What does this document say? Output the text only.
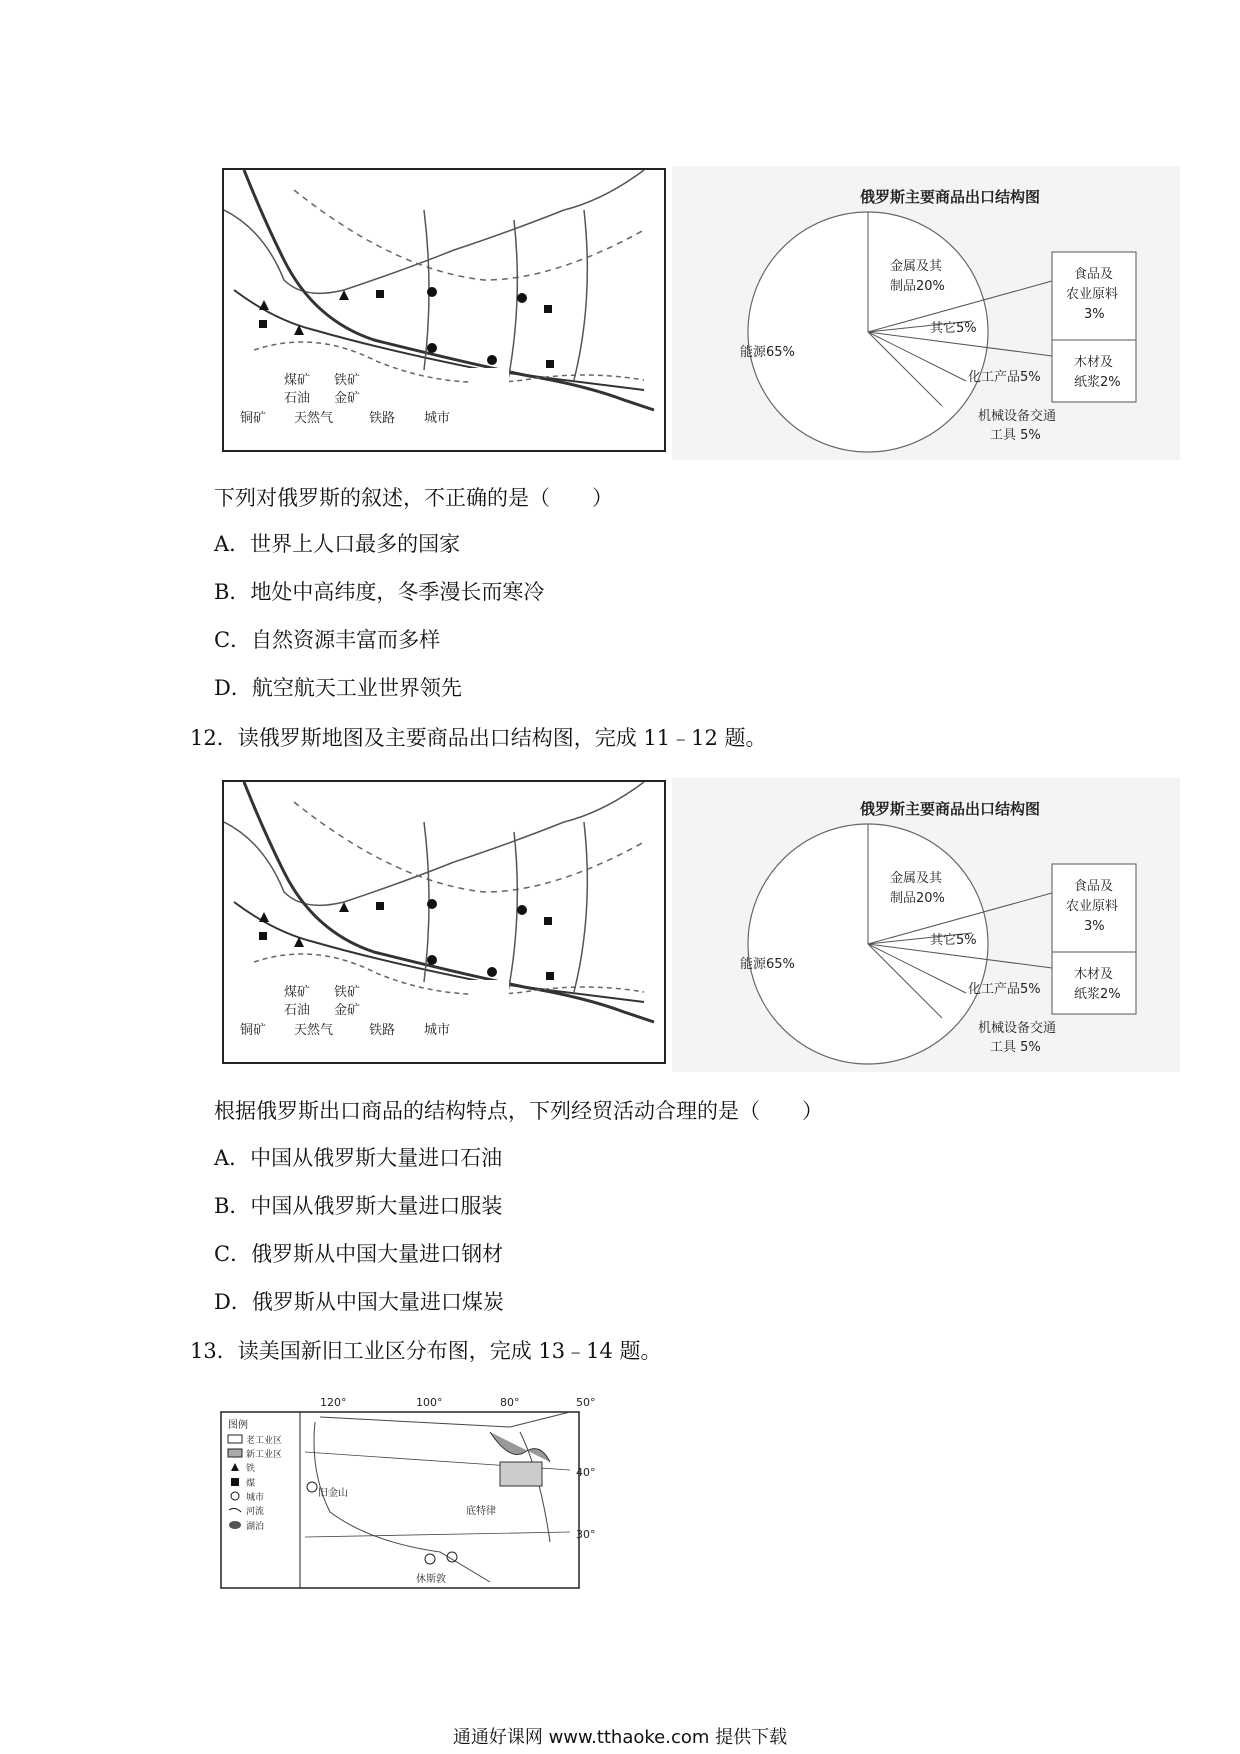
煤矿 铁矿
石油 金矿
铜矿 天然气	铁路 城市
俄罗斯主要商品出口结构图
金属及其
制品20%
能源65%
其它5%
化工产品5%
机械设备交通
工具 5%
食品及
农业原料
3%
木材及
纸浆2%
下列对俄罗斯的叙述，不正确的是（　　）
A．世界上人口最多的国家
B．地处中高纬度，冬季漫长而寒冷
C．自然资源丰富而多样
D．航空航天工业世界领先
12．读俄罗斯地图及主要商品出口结构图，完成 11﹣12 题。
煤矿 铁矿
石油 金矿
铜矿 天然气	铁路 城市
俄罗斯主要商品出口结构图
金属及其
制品20%
能源65%
其它5%
化工产品5%
机械设备交通
工具 5%
食品及
农业原料
3%
木材及
纸浆2%
根据俄罗斯出口商品的结构特点，下列经贸活动合理的是（　　）
A．中国从俄罗斯大量进口石油
B．中国从俄罗斯大量进口服装
C．俄罗斯从中国大量进口钢材
D．俄罗斯从中国大量进口煤炭
13．读美国新旧工业区分布图，完成 13﹣14 题。
120°	100°	80°	50°
40°
30°
旧金山
底特律
休斯敦
图例
老工业区
新工业区
铁
煤
城市
河流
湖泊
通通好课网 www.tthaoke.com 提供下载
